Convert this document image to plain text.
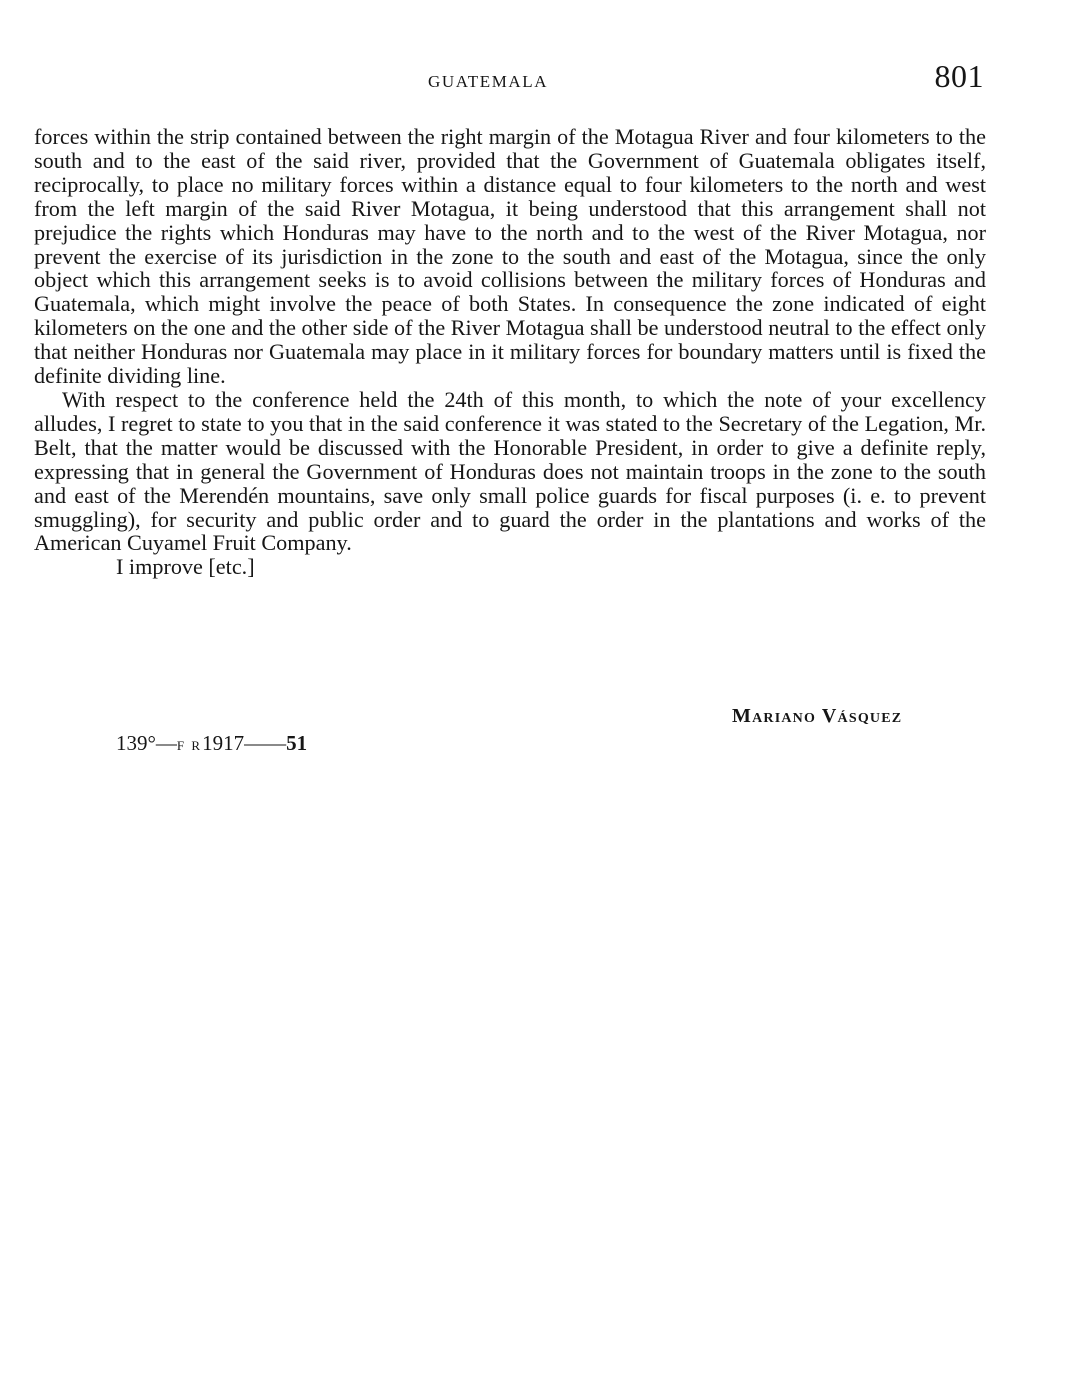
GUATEMALA	801

forces within the strip contained between the right margin of the Motagua River and four kilometers to the south and to the east of the said river, provided that the Government of Guatemala obligates itself, reciprocally, to place no military forces within a distance equal to four kilometers to the north and west from the left margin of the said River Motagua, it being understood that this arrangement shall not prejudice the rights which Honduras may have to the north and to the west of the River Motagua, nor prevent the exercise of its jurisdiction in the zone to the south and east of the Motagua, since the only object which this arrangement seeks is to avoid collisions between the military forces of Honduras and Guatemala, which might involve the peace of both States. In consequence the zone indicated of eight kilometers on the one and the other side of the River Motagua shall be understood neutral to the effect only that neither Honduras nor Guatemala may place in it military forces for boundary matters until is fixed the definite dividing line.

With respect to the conference held the 24th of this month, to which the note of your excellency alludes, I regret to state to you that in the said conference it was stated to the Secretary of the Legation, Mr. Belt, that the matter would be discussed with the Honorable President, in order to give a definite reply, expressing that in general the Government of Honduras does not maintain troops in the zone to the south and east of the Merendén mountains, save only small police guards for fiscal purposes (i. e. to prevent smuggling), for security and public order and to guard the order in the plantations and works of the American Cuyamel Fruit Company.

I improve [etc.]

Mariano Vásquez
139°—F R1917——51
